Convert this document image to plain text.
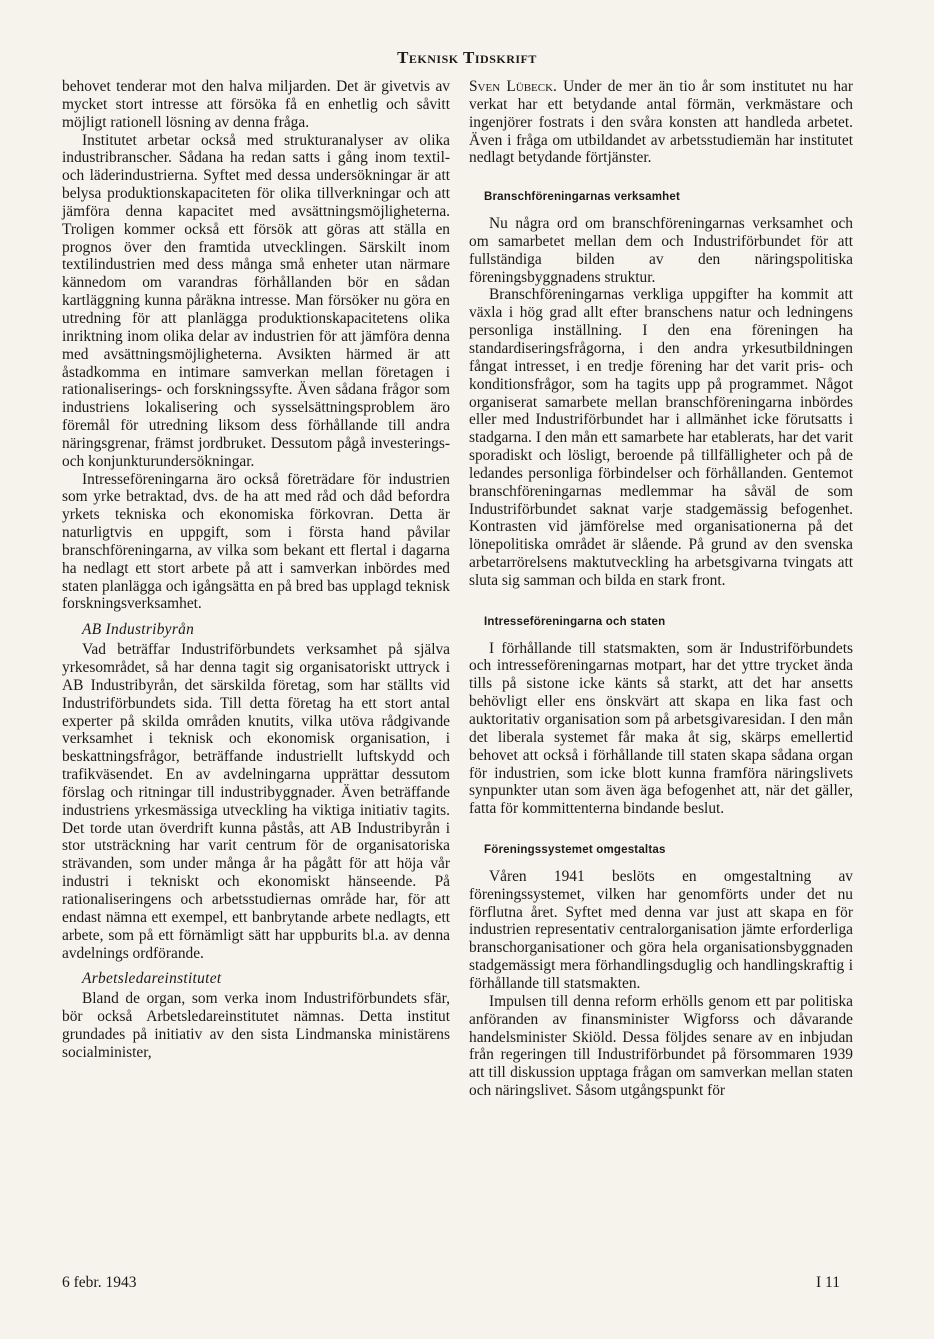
Teknisk Tidskrift

behovet tenderar mot den halva miljarden. Det är givetvis av mycket stort intresse att försöka få en enhetlig och såvitt möjligt rationell lösning av denna fråga.

Institutet arbetar också med strukturanalyser av olika industribranscher. Sådana ha redan satts i gång inom textil- och läderindustrierna. Syftet med dessa undersökningar är att belysa produktionskapaciteten för olika tillverkningar och att jämföra denna kapacitet med avsättningsmöjligheterna. Troligen kommer också ett försök att göras att ställa en prognos över den framtida utvecklingen. Särskilt inom textilindustrien med dess många små enheter utan närmare kännedom om varandras förhållanden bör en sådan kartläggning kunna påräkna intresse. Man försöker nu göra en utredning för att planlägga produktionskapacitetens olika inriktning inom olika delar av industrien för att jämföra denna med avsättningsmöjligheterna. Avsikten härmed är att åstadkomma en intimare samverkan mellan företagen i rationaliserings- och forskningssyfte. Även sådana frågor som industriens lokalisering och sysselsättningsproblem äro föremål för utredning liksom dess förhållande till andra näringsgrenar, främst jordbruket. Dessutom pågå investerings- och konjunkturundersökningar.

Intresseföreningarna äro också företrädare för industrien som yrke betraktad, dvs. de ha att med råd och dåd befordra yrkets tekniska och ekonomiska förkovran. Detta är naturligtvis en uppgift, som i första hand påvilar branschföreningarna, av vilka som bekant ett flertal i dagarna ha nedlagt ett stort arbete på att i samverkan inbördes med staten planlägga och igångsätta en på bred bas upplagd teknisk forskningsverksamhet.

AB Industribyrån

Vad beträffar Industriförbundets verksamhet på själva yrkesområdet, så har denna tagit sig organisatoriskt uttryck i AB Industribyrån, det särskilda företag, som har ställts vid Industriförbundets sida. Till detta företag ha ett stort antal experter på skilda områden knutits, vilka utöva rådgivande verksamhet i teknisk och ekonomisk organisation, i beskattningsfrågor, beträffande industriellt luftskydd och trafikväsendet. En av avdelningarna upprättar dessutom förslag och ritningar till industribyggnader. Även beträffande industriens yrkesmässiga utveckling ha viktiga initiativ tagits. Det torde utan överdrift kunna påstås, att AB Industribyrån i stor utsträckning har varit centrum för de organisatoriska strävanden, som under många år ha pågått för att höja vår industri i tekniskt och ekonomiskt hänseende. På rationaliseringens och arbetsstudiernas område har, för att endast nämna ett exempel, ett banbrytande arbete nedlagts, ett arbete, som på ett förnämligt sätt har uppburits bl.a. av denna avdelnings ordförande.

Arbetsledareinstitutet

Bland de organ, som verka inom Industriförbundets sfär, bör också Arbetsledareinstitutet nämnas. Detta institut grundades på initiativ av den sista Lindmanska ministärens socialminister,

Sven Lübeck. Under de mer än tio år som institutet nu har verkat har ett betydande antal förmän, verkmästare och ingenjörer fostrats i den svåra konsten att handleda arbetet. Även i fråga om utbildandet av arbetsstudiemän har institutet nedlagt betydande förtjänster.

Branschföreningarnas verksamhet

Nu några ord om branschföreningarnas verksamhet och om samarbetet mellan dem och Industriförbundet för att fullständiga bilden av den näringspolitiska föreningsbyggnadens struktur.

Branschföreningarnas verkliga uppgifter ha kommit att växla i hög grad allt efter branschens natur och ledningens personliga inställning. I den ena föreningen ha standardiseringsfrågorna, i den andra yrkesutbildningen fångat intresset, i en tredje förening har det varit pris- och konditionsfrågor, som ha tagits upp på programmet. Något organiserat samarbete mellan branschföreningarna inbördes eller med Industriförbundet har i allmänhet icke förutsatts i stadgarna. I den mån ett samarbete har etablerats, har det varit sporadiskt och lösligt, beroende på tillfälligheter och på de ledandes personliga förbindelser och förhållanden. Gentemot branschföreningarnas medlemmar ha såväl de som Industriförbundet saknat varje stadgemässig befogenhet. Kontrasten vid jämförelse med organisationerna på det lönepolitiska området är slående. På grund av den svenska arbetarrörelsens maktutveckling ha arbetsgivarna tvingats att sluta sig samman och bilda en stark front.

Intresseföreningarna och staten

I förhållande till statsmakten, som är Industriförbundets och intresseföreningarnas motpart, har det yttre trycket ända tills på sistone icke känts så starkt, att det har ansetts behövligt eller ens önskvärt att skapa en lika fast och auktoritativ organisation som på arbetsgivaresidan. I den mån det liberala systemet får maka åt sig, skärps emellertid behovet att också i förhållande till staten skapa sådana organ för industrien, som icke blott kunna framföra näringslivets synpunkter utan som även äga befogenhet att, när det gäller, fatta för kommittenterna bindande beslut.

Föreningssystemet omgestaltas

Våren 1941 beslöts en omgestaltning av föreningssystemet, vilken har genomförts under det nu förflutna året. Syftet med denna var just att skapa en för industrien representativ centralorganisation jämte erforderliga branschorganisationer och göra hela organisationsbyggnaden stadgemässigt mera förhandlingsduglig och handlingskraftig i förhållande till statsmakten.

Impulsen till denna reform erhölls genom ett par politiska anföranden av finansminister Wigforss och dåvarande handelsminister Skiöld. Dessa följdes senare av en inbjudan från regeringen till Industriförbundet på försommaren 1939 att till diskussion upptaga frågan om samverkan mellan staten och näringslivet. Såsom utgångspunkt för

6 febr. 1943	I 11
